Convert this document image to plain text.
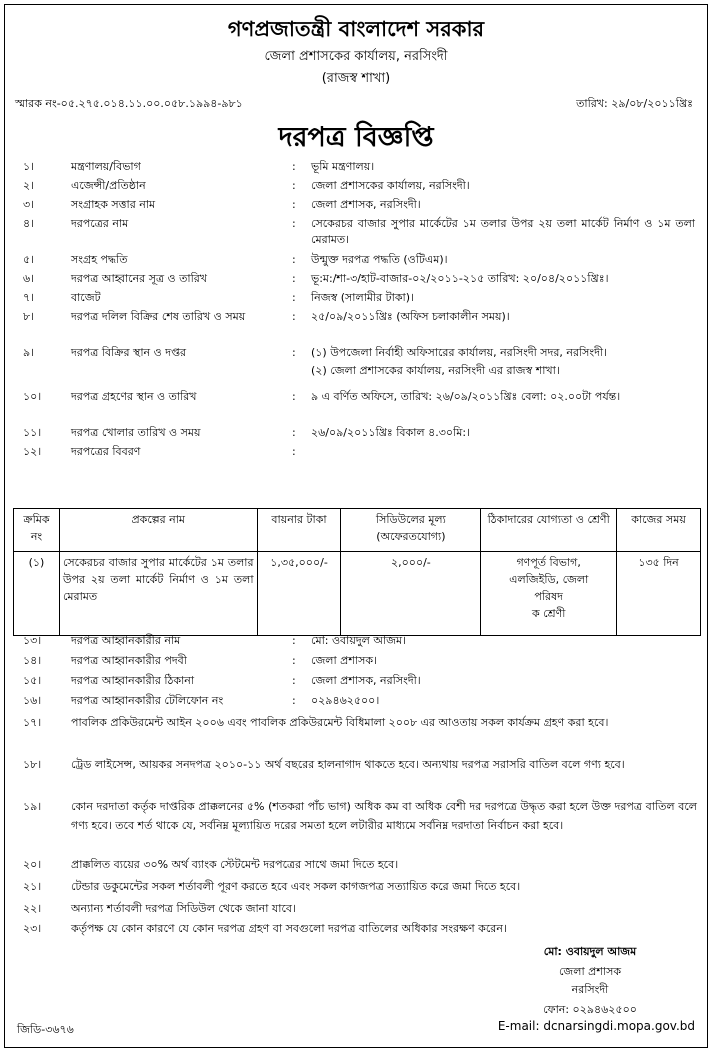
গণপ্রজাতন্ত্রী বাংলাদেশ সরকার
জেলা প্রশাসকের কার্যালয়, নরসিংদী
(রাজস্ব শাখা)
স্মারক নং-০৫.২৭৫.০১৪.১১.০০.০৫৮.১৯৯৪-৯৮১	তারিখ: ২৯/০৮/২০১১খ্রিঃ
দরপত্র বিজ্ঞপ্তি
১।	মন্ত্রণালয়/বিভাগ	: ভূমি মন্ত্রণালয়।
২।	এজেন্সী/প্রতিষ্ঠান	: জেলা প্রশাসকের কার্যালয়, নরসিংদী।
৩।	সংগ্রাহক সত্তার নাম	: জেলা প্রশাসক, নরসিংদী।
৪।	দরপত্রের নাম	: সেকেরচর বাজার সুপার মার্কেটের ১ম তলার উপর ২য় তলা মার্কেট নির্মাণ ও ১ম তলা মেরামত।
৫।	সংগ্রহ পদ্ধতি	: উন্মুক্ত দরপত্র পদ্ধতি (ওটিএম)।
৬।	দরপত্র আহ্বানের সূত্র ও তারিখ	: ভূ:ম:/শা-৩/হাট-বাজার-০২/২০১১-২১৫ তারিখ: ২০/০৪/২০১১খ্রিঃ।
৭।	বাজেট	: নিজস্ব (সালামীর টাকা)।
৮।	দরপত্র দলিল বিক্রির শেষ তারিখ ও সময়	: ২৫/০৯/২০১১খ্রিঃ (অফিস চলাকালীন সময়)।
৯।	দরপত্র বিক্রির স্থান ও দপ্তর	: (১) উপজেলা নির্বাহী অফিসারের কার্যালয়, নরসিংদী সদর, নরসিংদী।
(২) জেলা প্রশাসকের কার্যালয়, নরসিংদী এর রাজস্ব শাখা।
১০।	দরপত্র গ্রহণের স্থান ও তারিখ	: ৯ এ বর্ণিত অফিসে, তারিখ: ২৬/০৯/২০১১খ্রিঃ বেলা: ০২.০০টা পর্যন্ত।
১১।	দরপত্র খোলার তারিখ ও সময়	: ২৬/০৯/২০১১খ্রিঃ বিকাল ৪.৩০মি:।
১২।	দরপত্রের বিবরণ	:
ক্রমিক নং	প্রকল্পের নাম	বায়নার টাকা	সিডিউলের মূল্য (অফেরতযোগ্য)	ঠিকাদারের যোগ্যতা ও শ্রেণী	কাজের সময়
(১)	সেকেরচর বাজার সুপার মার্কেটের ১ম তলার উপর ২য় তলা মার্কেট নির্মাণ ও ১ম তলা মেরামত	১,৩৫,০০০/-	২,০০০/-	গণপূর্ত বিভাগ,
এলজিইডি, জেলা
পরিষদ
ক শ্রেণী	১৩৫ দিন
১৩।	দরপত্র আহ্বানকারীর নাম	: মো: ওবায়দুল আজম।
১৪।	দরপত্র আহ্বানকারীর পদবী	: জেলা প্রশাসক।
১৫।	দরপত্র আহ্বানকারীর ঠিকানা	: জেলা প্রশাসক, নরসিংদী।
১৬।	দরপত্র আহ্বানকারীর টেলিফোন নং	: ০২৯৪৬২৫০০।
১৭।	পাবলিক প্রকিউরমেন্ট আইন ২০০৬ এবং পাবলিক প্রকিউরমেন্ট বিধিমালা ২০০৮ এর আওতায় সকল কার্যক্রম গ্রহণ করা হবে।
১৮।	ট্রেড লাইসেন্স, আয়কর সনদপত্র ২০১০-১১ অর্থ বছরের হালনাগাদ থাকতে হবে। অন্যথায় দরপত্র সরাসরি বাতিল বলে গণ্য হবে।
১৯।	কোন দরদাতা কর্তৃক দাপ্তরিক প্রাক্কলনের ৫% (শতকরা পাঁচ ভাগ) অধিক কম বা অধিক বেশী দর দরপত্রে উদ্ধৃত করা হলে উক্ত দরপত্র বাতিল বলে গণ্য হবে। তবে শর্ত থাকে যে, সর্বনিম্ন মূল্যায়িত দরের সমতা হলে লটারীর মাধ্যমে সর্বনিম্ন দরদাতা নির্বাচন করা হবে।
২০।	প্রাক্কলিত ব্যয়ের ৩০% অর্থ ব্যাংক স্টেটমেন্ট দরপত্রের সাথে জমা দিতে হবে।
২১।	টেন্ডার ডকুমেন্টের সকল শর্তাবলী পূরণ করতে হবে এবং সকল কাগজপত্র সত্যায়িত করে জমা দিতে হবে।
২২।	অন্যান্য শর্তাবলী দরপত্র সিডিউল থেকে জানা যাবে।
২৩।	কর্তৃপক্ষ যে কোন কারণে যে কোন দরপত্র গ্রহণ বা সবগুলো দরপত্র বাতিলের অধিকার সংরক্ষণ করেন।
মো: ওবায়দুল আজম
জেলা প্রশাসক
নরসিংদী
ফোন: ০২৯৪৬২৫০০
জিডি-৩৬৭৬	E-mail: dcnarsingdi.mopa.gov.bd
